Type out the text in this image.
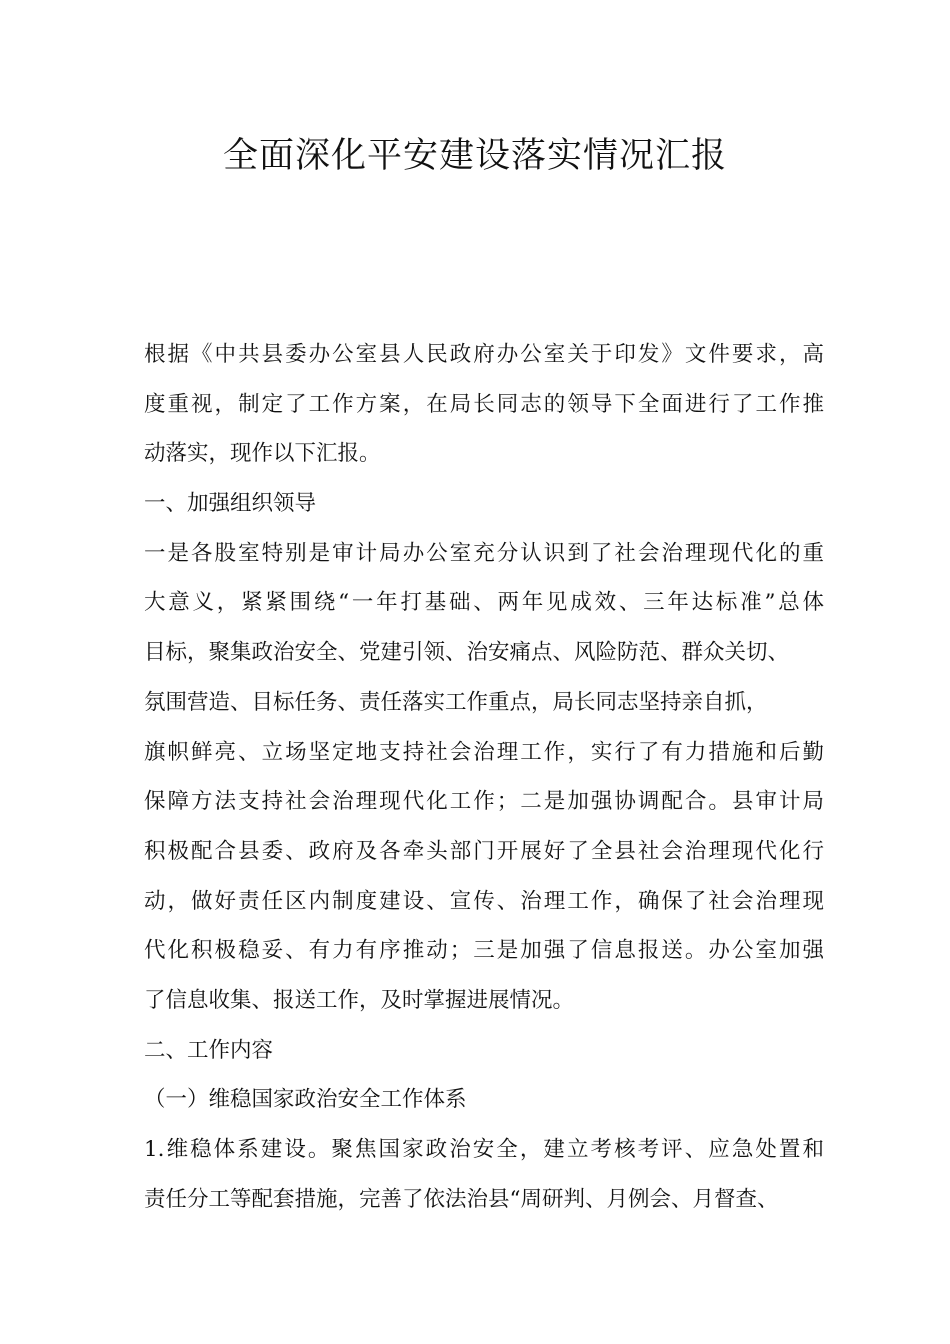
全面深化平安建设落实情况汇报
根据《中共县委办公室县人民政府办公室关于印发》文件要求，高
度重视，制定了工作方案，在局长同志的领导下全面进行了工作推
动落实，现作以下汇报。
一、加强组织领导
一是各股室特别是审计局办公室充分认识到了社会治理现代化的重
大意义，紧紧围绕“一年打基础、两年见成效、三年达标准”总体
目标，聚集政治安全、党建引领、治安痛点、风险防范、群众关切、
氛围营造、目标任务、责任落实工作重点，局长同志坚持亲自抓，
旗帜鲜亮、立场坚定地支持社会治理工作，实行了有力措施和后勤
保障方法支持社会治理现代化工作；二是加强协调配合。县审计局
积极配合县委、政府及各牵头部门开展好了全县社会治理现代化行
动，做好责任区内制度建设、宣传、治理工作，确保了社会治理现
代化积极稳妥、有力有序推动；三是加强了信息报送。办公室加强
了信息收集、报送工作，及时掌握进展情况。
二、工作内容
（一）维稳国家政治安全工作体系
1.维稳体系建设。聚焦国家政治安全，建立考核考评、应急处置和
责任分工等配套措施，完善了依法治县“周研判、月例会、月督查、
